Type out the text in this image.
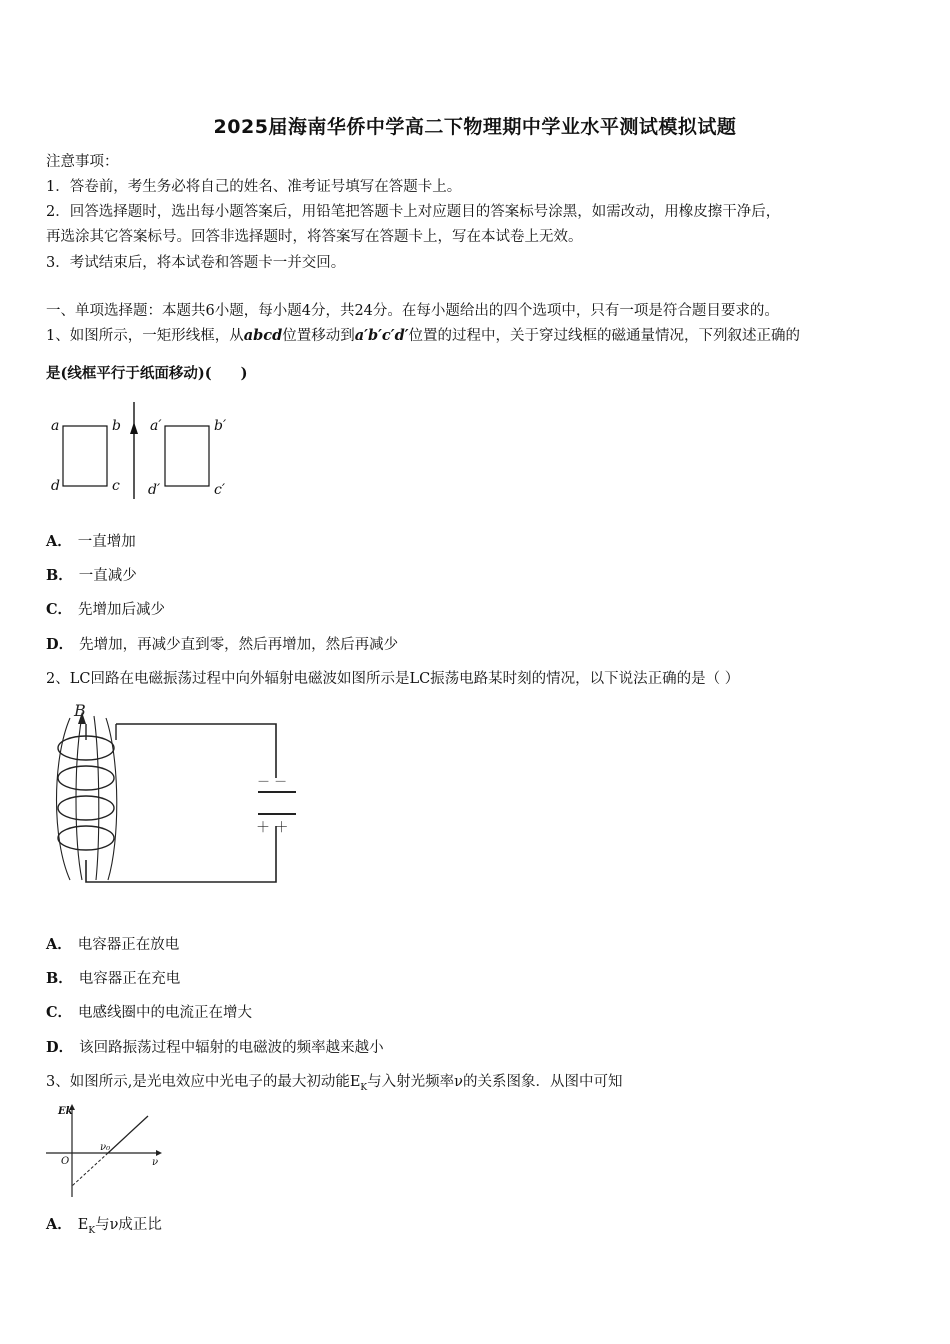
2025届海南华侨中学高二下物理期中学业水平测试模拟试题
注意事项：
1．答卷前，考生务必将自己的姓名、准考证号填写在答题卡上。
2．回答选择题时，选出每小题答案后，用铅笔把答题卡上对应题目的答案标号涂黑，如需改动，用橡皮擦干净后，
再选涂其它答案标号。回答非选择题时，将答案写在答题卡上，写在本试卷上无效。
3．考试结束后，将本试卷和答题卡一并交回。
一、单项选择题：本题共6小题，每小题4分，共24分。在每小题给出的四个选项中，只有一项是符合题目要求的。
1、如图所示，一矩形线框，从abcd位置移动到a′b′c′d′位置的过程中，关于穿过线框的磁通量情况，下列叙述正确的
是(线框平行于纸面移动)(　　)
a	b
c
d
a′	b′
c′
d′
A． 一直增加
B． 一直减少
C． 先增加后减少
D． 先增加，再减少直到零，然后再增加，然后再减少
2、LC回路在电磁振荡过程中向外辐射电磁波如图所示是LC振荡电路某时刻的情况，以下说法正确的是（ ）
－ －
＋ ＋
B
A． 电容器正在放电
B． 电容器正在充电
C． 电感线圈中的电流正在增大
D． 该回路振荡过程中辐射的电磁波的频率越来越小
3、如图所示,是光电效应中光电子的最大初动能$E_K$与入射光频率ν的关系图象．从图中可知
Ek
ν
O
ν₀
A． $E_K$与ν成正比
